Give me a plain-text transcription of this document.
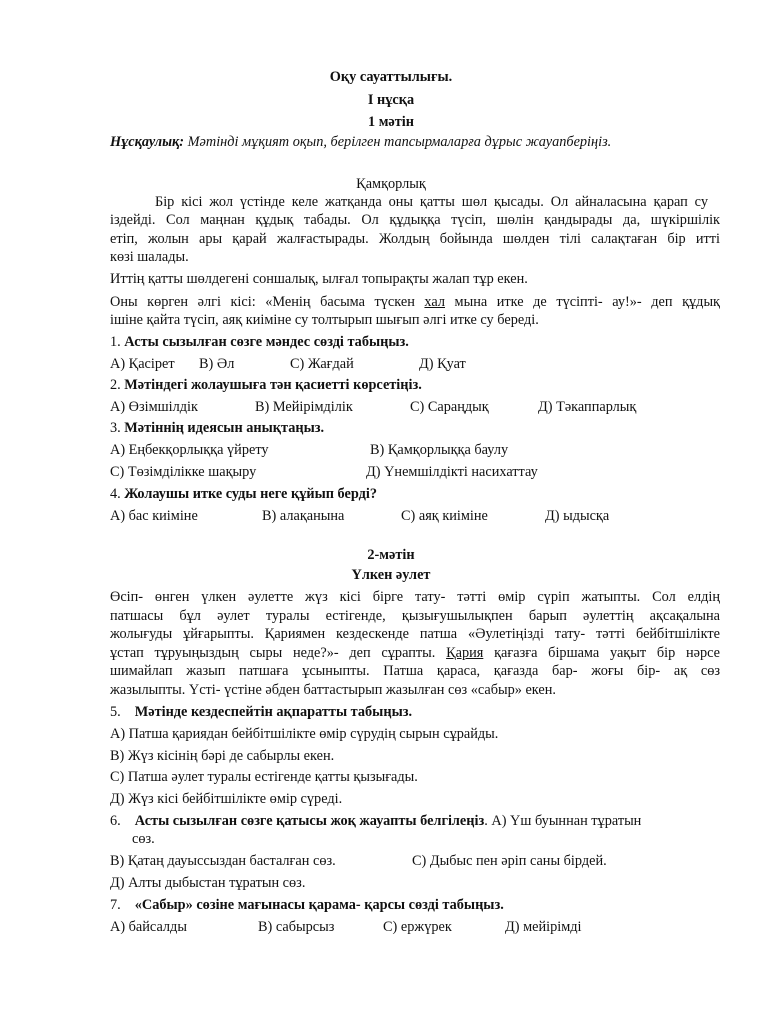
Оқу сауаттылығы.
І нұсқа
1 мәтін
Нұсқаулық: Мәтінді мұқият оқып, берілген тапсырмаларға дұрыс жауапберіңіз.
Қамқорлық
Бір кісі жол үстінде келе жатқанда оны қатты шөл қысады. Ол айналасына қарап су
іздейді. Сол маңнан құдық табады. Ол құдыққа түсіп, шөлін қандырады да, шүкіршілік
етіп, жолын ары қарай жалғастырады. Жолдың бойында шөлден тілі салақтаған бір итті
көзі шалады.
Иттің қатты шөлдегені соншалық, ылғал топырақты жалап тұр екен.
Оны көрген әлгі кісі: «Менің басыма түскен хал мына итке де түсіпті- ау!»- деп құдық
ішіне қайта түсіп, аяқ киіміне су толтырып шығып әлгі итке су береді.
1. Асты сызылған сөзге мәндес сөзді табыңыз.
А) Қасірет В) Әл	С) Жағдай	Д) Қуат
2. Мәтіндегі жолаушыға тән қасиетті көрсетіңіз.
А) Өзімшілдік	В) Мейірімділік	С) Сараңдық	Д) Тәкаппарлық
3. Мәтіннің идеясын анықтаңыз.
А) Еңбекқорлыққа үйрету	В) Қамқорлыққа баулу
С) Төзімділікке шақыру	Д) Үнемшілдікті насихаттау
4. Жолаушы итке суды неге құйып берді?
А) бас киіміне	В) алақанына	С) аяқ киіміне	Д) ыдысқа
2-мәтін
Үлкен әулет
Өсіп- өнген үлкен әулетте жүз кісі бірге тату- тәтті өмір сүріп жатыпты. Сол елдің
патшасы бұл әулет туралы естігенде, қызығушылықпен барып әулеттің ақсақалына
жолығуды ұйғарыпты. Қариямен кездескенде патша «Әулетіңізді тату- тәтті бейбітшілікте
ұстап тұруыңыздың сыры неде?»- деп сұрапты. Қария қағазға біршама уақыт бір нәрсе
шимайлап жазып патшаға ұсыныпты. Патша қараса, қағазда бар- жоғы бір- ақ сөз
жазылыпты. Үсті- үстіне әбден баттастырып жазылған сөз «сабыр» екен.
5. Мәтінде кездеспейтін ақпаратты табыңыз.
А) Патша қариядан бейбітшілікте өмір сүрудің сырын сұрайды.
В) Жүз кісінің бәрі де сабырлы екен.
С) Патша әулет туралы естігенде қатты қызығады.
Д) Жүз кісі бейбітшілікте өмір сүреді.
6. Асты сызылған сөзге қатысы жоқ жауапты белгілеңіз. А) Үш буыннан тұратын
сөз.
В) Қатаң дауыссыздан басталған сөз.	С) Дыбыс пен әріп саны бірдей.
Д) Алты дыбыстан тұратын сөз.
7. «Сабыр» сөзіне мағынасы қарама- қарсы сөзді табыңыз.
А) байсалды	В) сабырсыз	С) ержүрек	Д) мейірімді
